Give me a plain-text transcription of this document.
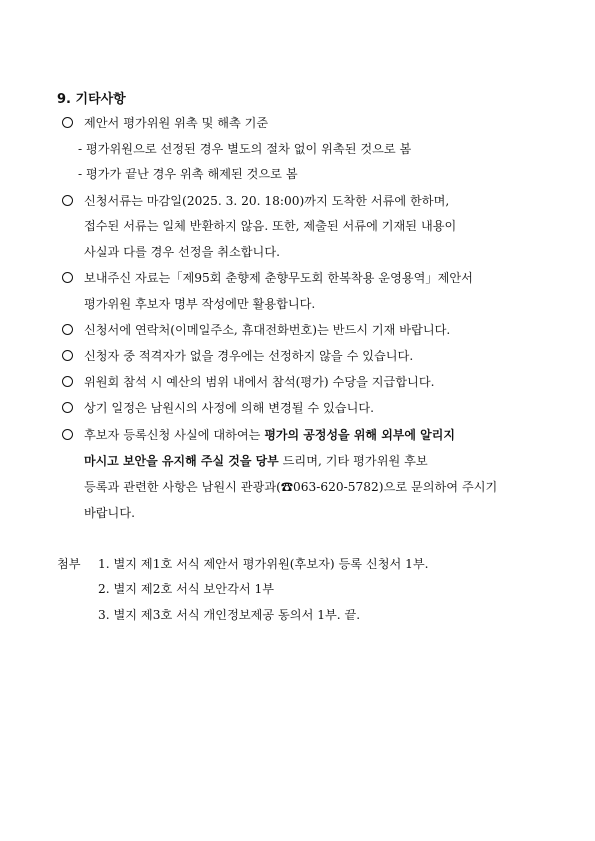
9. 기타사항
제안서 평가위원 위촉 및 해촉 기준
- 평가위원으로 선정된 경우 별도의 절차 없이 위촉된 것으로 봄
- 평가가 끝난 경우 위촉 해제된 것으로 봄
신청서류는 마감일(2025. 3. 20. 18:00)까지 도착한 서류에 한하며,
접수된 서류는 일체 반환하지 않음. 또한, 제출된 서류에 기재된 내용이
사실과 다를 경우 선정을 취소합니다.
보내주신 자료는「제95회 춘향제 춘향무도회 한복착용 운영용역」제안서
평가위원 후보자 명부 작성에만 활용합니다.
신청서에 연락처(이메일주소, 휴대전화번호)는 반드시 기재 바랍니다.
신청자 중 적격자가 없을 경우에는 선정하지 않을 수 있습니다.
위원회 참석 시 예산의 범위 내에서 참석(평가) 수당을 지급합니다.
상기 일정은 남원시의 사정에 의해 변경될 수 있습니다.
후보자 등록신청 사실에 대하여는 평가의 공정성을 위해 외부에 알리지
마시고 보안을 유지해 주실 것을 당부 드리며, 기타 평가위원 후보
등록과 관련한 사항은 남원시 관광과(☎063-620-5782)으로 문의하여 주시기
바랍니다.
첨부 1. 별지 제1호 서식 제안서 평가위원(후보자) 등록 신청서 1부.
2. 별지 제2호 서식 보안각서 1부
3. 별지 제3호 서식 개인정보제공 동의서 1부. 끝.
